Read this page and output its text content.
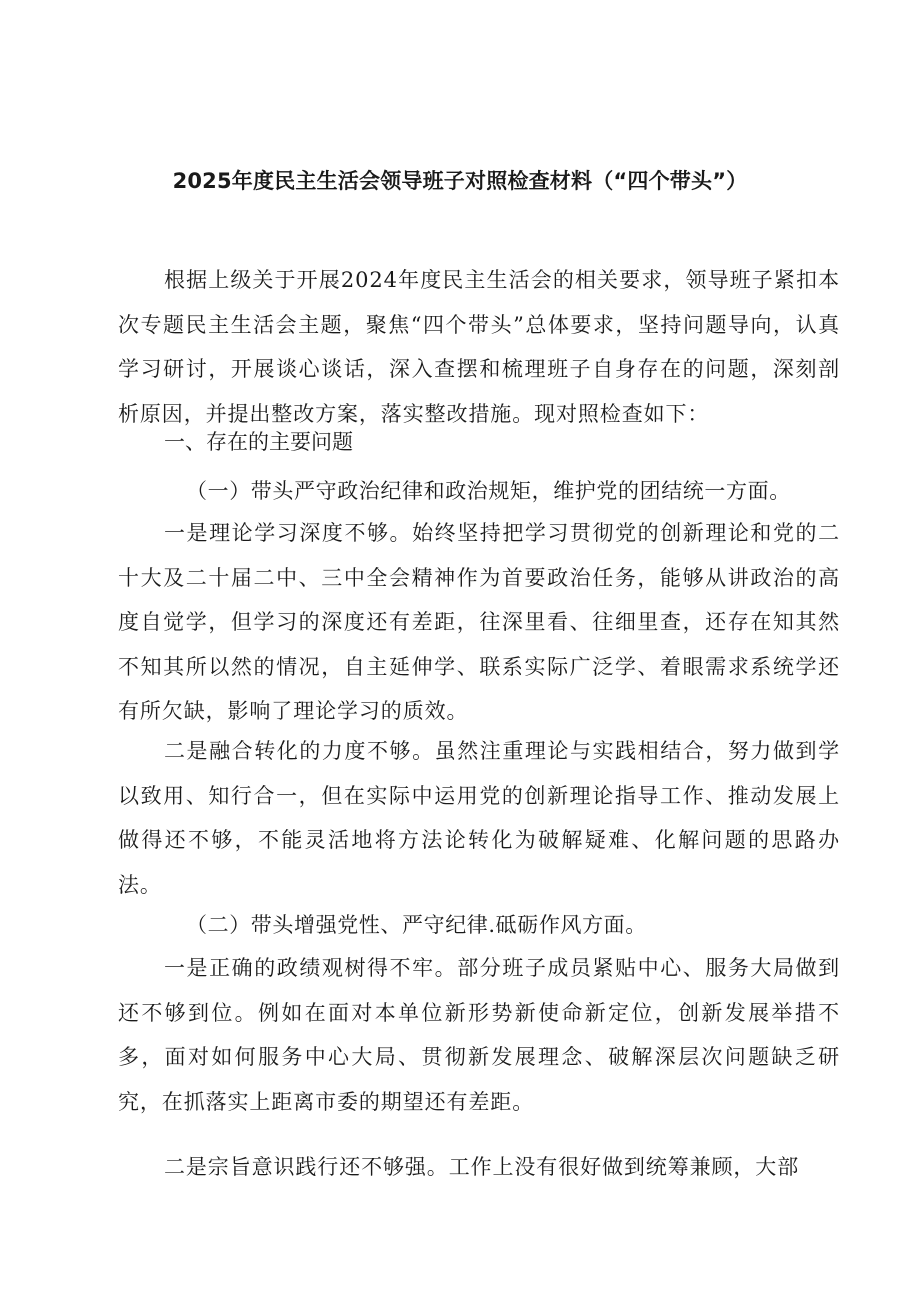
2025年度民主生活会领导班子对照检查材料（“四个带头”）

根据上级关于开展2024年度民主生活会的相关要求，领导班子紧扣本次专题民主生活会主题，聚焦“四个带头”总体要求，坚持问题导向，认真学习研讨，开展谈心谈话，深入查摆和梳理班子自身存在的问题，深刻剖析原因，并提出整改方案，落实整改措施。现对照检查如下：

一、存在的主要问题
（一）带头严守政治纪律和政治规矩，维护党的团结统一方面。

一是理论学习深度不够。始终坚持把学习贯彻党的创新理论和党的二十大及二十届二中、三中全会精神作为首要政治任务，能够从讲政治的高度自觉学，但学习的深度还有差距，往深里看、往细里查，还存在知其然不知其所以然的情况，自主延伸学、联系实际广泛学、着眼需求系统学还有所欠缺，影响了理论学习的质效。

二是融合转化的力度不够。虽然注重理论与实践相结合，努力做到学以致用、知行合一，但在实际中运用党的创新理论指导工作、推动发展上做得还不够，不能灵活地将方法论转化为破解疑难、化解问题的思路办法。

（二）带头增强党性、严守纪律.砥砺作风方面。

一是正确的政绩观树得不牢。部分班子成员紧贴中心、服务大局做到还不够到位。例如在面对本单位新形势新使命新定位，创新发展举措不多，面对如何服务中心大局、贯彻新发展理念、破解深层次问题缺乏研究，在抓落实上距离市委的期望还有差距。

二是宗旨意识践行还不够强。工作上没有很好做到统筹兼顾，大部
